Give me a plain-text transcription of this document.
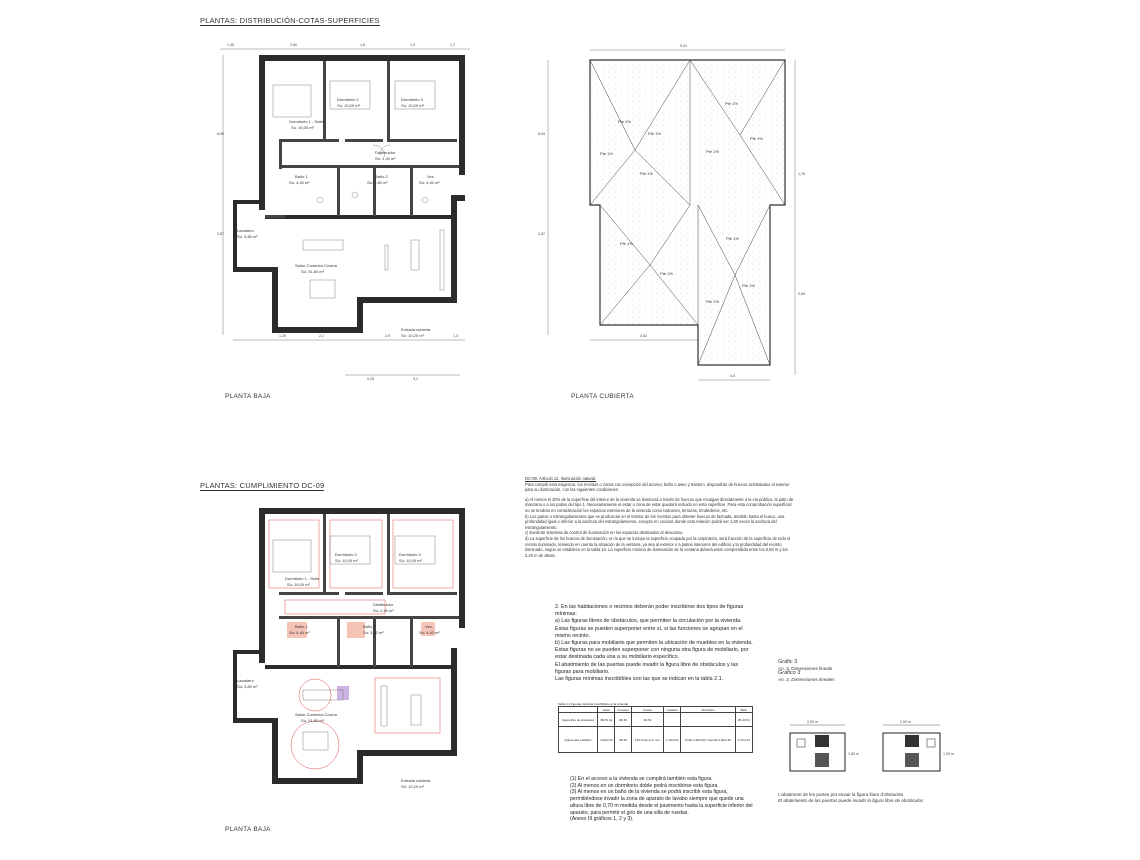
PLANTAS: DISTRIBUCIÓN-COTAS-SUPERFICIES
1,45	2,60	1,8	1,9	1,7
6,90
2,87
Dormitorio 1 - Suite
Sú: 16,00 m²
Dormitorio 2
Sú: 10,00 m²
Dormitorio 3
Sú: 10,00 m²
Distribuidor
Sú: 2,40 m²
Baño 1
Sú: 4,40 m²
Baño 2
Sú: 3,60 m²
Ves.
Sú: 4,40 m²
Lavadero
Sú: 3,80 m²
Salón-Comedor-Cocina
Sú: 31,80 m²
Entrada cubierta
Sú: 10,20 m²
1,25	2,1	2,9	1,3
0,25	3,1
PLANTA BAJA
9,31
6,94
2,87
1,76
2,84
Pte 1%
Pte 1%
Pte 1%
Pte 1%
Pte 1%
Pte 1%
Pte 1%
Pte 1%
Pte 1%
Pte 1%
Pte 1%
Pte 1%
4,52
4,4
PLANTA CUBIERTA
PLANTAS: CUMPLIMIENTO DC-09
Dormitorio 1 - Suite
Sú: 16,00 m²
Dormitorio 2
Sú: 10,00 m²
Dormitorio 3
Sú: 10,00 m²
Distribuidor
Sú: 2,40 m²
Baño 1
Sú: 4,40 m²
Baño 2
Sú: 3,60 m²
Ves.
Sú: 4,40 m²
Lavadero
Sú: 3,80 m²
Salón-Comedor-Cocina
Sú: 31,80 m²
Entrada cubierta
Sú: 10,20 m²
PLANTA BAJA
DC-09. Artículo 12. Iluminación natural.
Para cumplir esta exigencia, los recintos o zonas con excepción del acceso, baño o aseo y trastero, dispondrán de huecos acristalados al exterior para su iluminación, con las siguientes condiciones:
a) Al menos el 30% de la superficie útil interior de la vivienda se iluminará a través de huecos que recaigan directamente a la vía pública, al patio de manzana o a los patios del tipo 1. Necesariamente el estar o zona de estar quedará incluido en esta superficie. Para esta comprobación superficial no se tendrán en consideración los espacios exteriores de la vivienda como balcones, terrazas, tendederos, etc.
b) Los patios o estrangulamientos que se produzcan en el interior de los recintos para obtener huecos de fachada, tendrán hasta el hueco, una profundidad igual o inferior a la anchura del estrangulamiento, excepto en cocinas donde esta relación podrá ser 1,50 veces la anchura del estrangulamiento.
c) Existirán sistemas de control de iluminación en los espacios destinados al descanso.
d) La superficie de los huecos de iluminación, en la que se incluye la superficie ocupada por la carpintería, será fracción de la superficie de todo el recinto iluminado, teniendo en cuenta la situación de la ventana, ya sea al exterior o a patios interiores del edificio y la profundidad del recinto iluminado, según se establece en la tabla 13. La superficie mínima de iluminación de la ventana deberá estar comprendida entre los 0,50 m y los 2,20 m de altura.
2. En las habitaciones o recintos deberán poder inscribirse dos tipos de figuras mínimas:
a) Las figuras libres de obstáculos, que permiten la circulación por la vivienda. Estas figuras se pueden superponer entre sí, si las funciones se agrupan en el mismo recinto.
b) Las figuras para mobiliario que permiten la ubicación de muebles en la vivienda. Estas figuras no se pueden superponer con ninguna otra figura de mobiliario, por estar destinada cada una a su mobiliario específico.
El abatimiento de las puertas puede invadir la figura libre de obstáculos y las figuras para mobiliario.
Las figuras mínimas inscribibles son las que se indican en la tabla 2.1.
Tabla 2.1 Figuras mínimas inscribibles en la vivienda
	Estar	Comedor	Cocina	Lavadero	Dormitorio	Baño
Figura libre de obstáculos	Ø2,50 (a)	Ø2,50	Ø1,50			Ø1,20 (b)
Figura para mobiliario	3,20x3,20	Ø2,50	1,60 frente prof. mín.	1,10x0,90	Doble 2,60x2,60 / Sencillo 2,00x2,60	0,70x1,20
(1) En el acceso a la vivienda se cumplirá también esta figura.
(2) Al menos en un dormitorio doble podrá inscribirse esta figura.
(3) Al menos en un baño de la vivienda se podrá inscribir esta figura, permitiéndose invadir la zona de aparato de lavabo siempre que quede una altura libre de 0,70 m medida desde el pavimento hasta la superficie inferior del aparato, para permitir el giro de una silla de ruedas.
(Anexo III gráficos 1, 2 y 3).
Gráfic 3
An. 3. Dimensiones lineals
Gráfico 3
An. 3. Dimensiones lineales
2,00 m
1,50 m
2,00 m
1,20 m
L'abatiment de les portes pot envair la figura lliure d'obstacles
El abatimiento de las puertas puede invadir la figura libre de obstáculos
